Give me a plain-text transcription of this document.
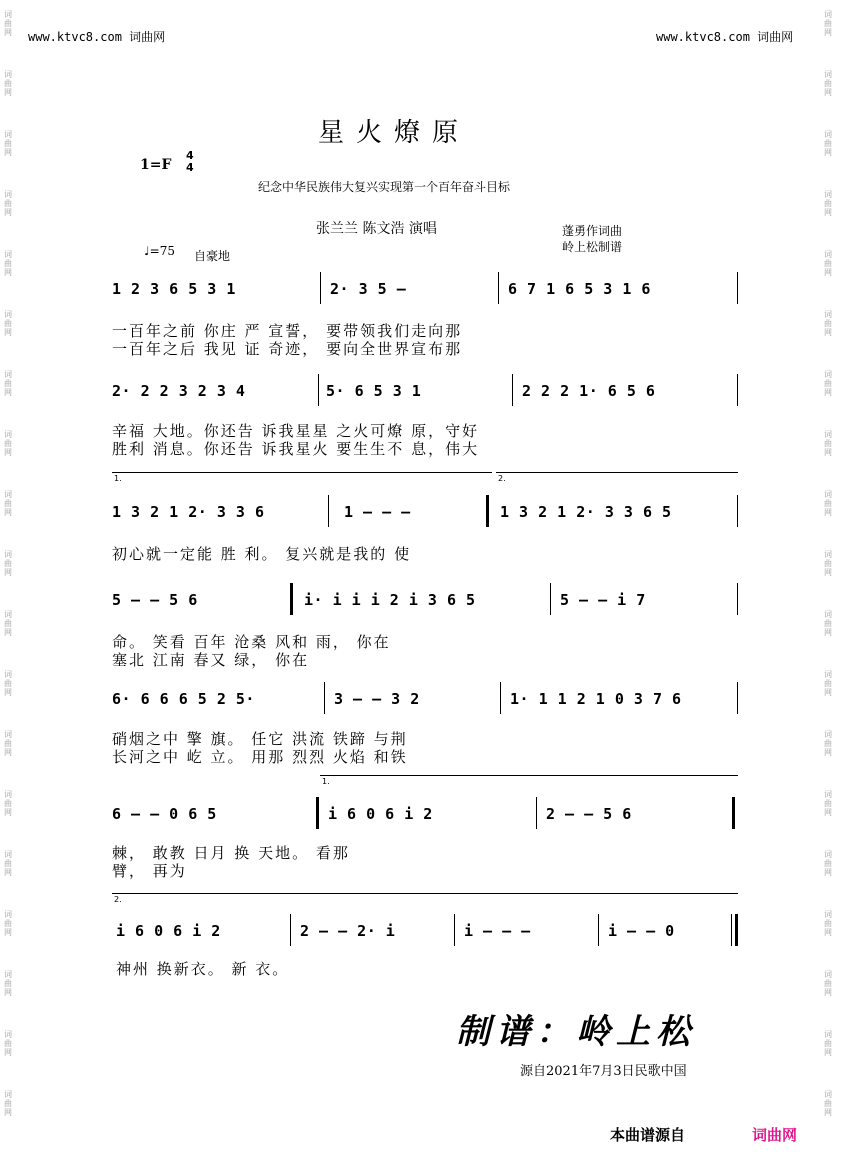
词曲网
词曲网
词曲网
词曲网
词曲网
词曲网
词曲网
词曲网
词曲网
词曲网
词曲网
词曲网
词曲网
词曲网
词曲网
词曲网
词曲网
词曲网
词曲网
词曲网
词曲网
词曲网
词曲网
词曲网
词曲网
词曲网
词曲网
词曲网
词曲网
词曲网
词曲网
词曲网
词曲网
词曲网
词曲网
词曲网
词曲网
词曲网
www.ktvc8.com 词曲网	www.ktvc8.com 词曲网
星火燎原
1=F
4
4
纪念中华民族伟大复兴实现第一个百年奋斗目标
张兰兰 陈文浩 演唱	蓬勇作词曲
岭上松制谱
♩=75 自豪地
1 2 3 6 5 3 1	2· 3 5 –	6 7 1 6 5 3 1 6
一百年之前 你庄 严 宣誓， 要带领我们走向那
一百年之后 我见 证 奇迹， 要向全世界宣布那
2· 2 2 3 2 3 4	5· 6 5 3 1	2 2 2 1· 6 5 6
辛福 大地。你还告 诉我星星 之火可燎 原，守好
胜利 消息。你还告 诉我星火 要生生不 息，伟大
1.	2.
1 3 2 1 2· 3 3 6	1 – – –	1 3 2 1 2· 3 3 6 5
初心就一定能 胜 利。 复兴就是我的 使
5 – – 5 6	i· i i i 2 i 3 6 5	5 – – i 7
命。 笑看 百年 沧桑 风和 雨， 你在
塞北 江南 春又 绿， 你在
6· 6 6 6 5 2 5·	3 – – 3 2	1· 1 1 2 1 0 3 7 6
硝烟之中 擎 旗。 任它 洪流 铁蹄 与荆
长河之中 屹 立。 用那 烈烈 火焰 和铁
1.
6 – – 0 6 5	i 6 0 6 i 2	2 – – 5 6
棘， 敢教 日月 换 天地。 看那
臂， 再为
2.
i 6 0 6 i 2	2 – – 2· i	i – – –	i – – 0
神州 换新衣。 新 衣。
制谱：岭上松
源自2021年7月3日民歌中国
本曲谱源自	词曲网
